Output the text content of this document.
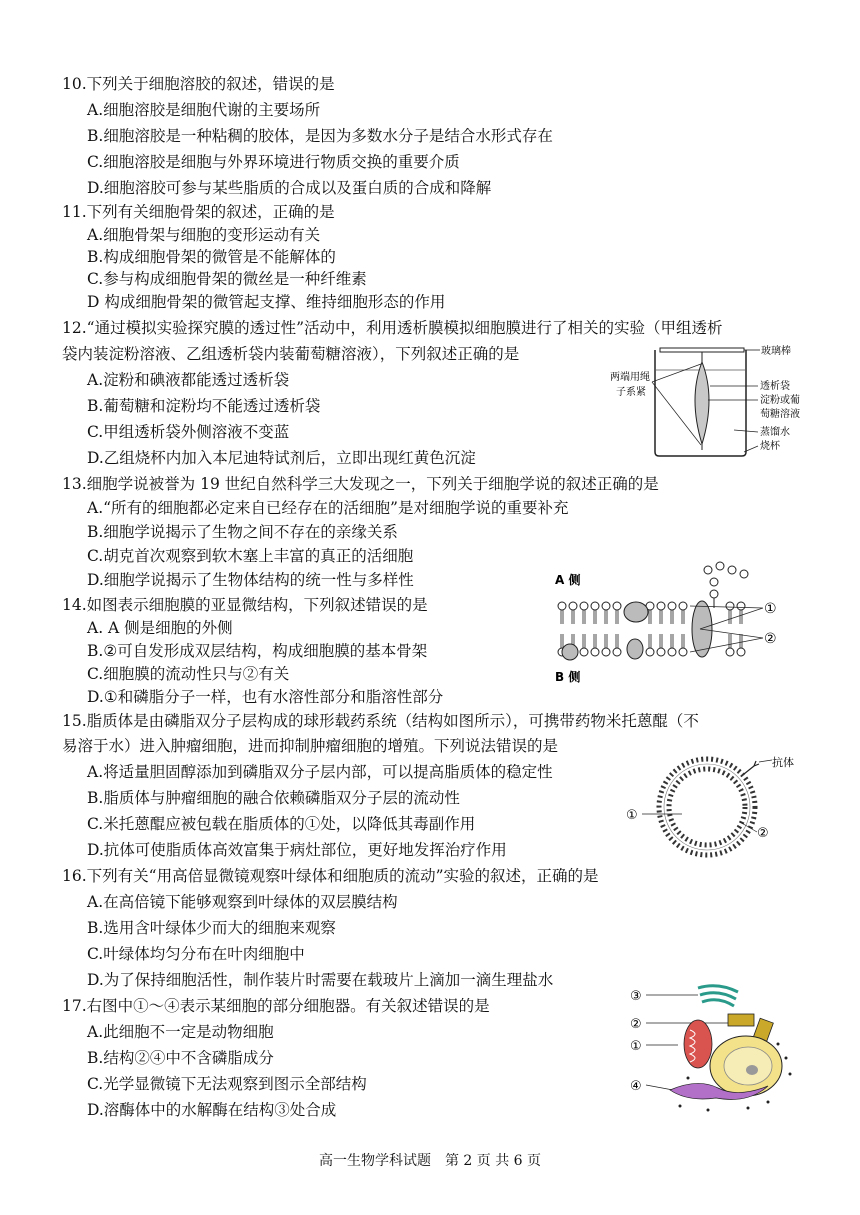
10.下列关于细胞溶胶的叙述，错误的是
A.细胞溶胶是细胞代谢的主要场所
B.细胞溶胶是一种粘稠的胶体，是因为多数水分子是结合水形式存在
C.细胞溶胶是细胞与外界环境进行物质交换的重要介质
D.细胞溶胶可参与某些脂质的合成以及蛋白质的合成和降解
11.下列有关细胞骨架的叙述，正确的是
A.细胞骨架与细胞的变形运动有关
B.构成细胞骨架的微管是不能解体的
C.参与构成细胞骨架的微丝是一种纤维素
D 构成细胞骨架的微管起支撑、维持细胞形态的作用
12.“通过模拟实验探究膜的透过性”活动中，利用透析膜模拟细胞膜进行了相关的实验（甲组透析
袋内装淀粉溶液、乙组透析袋内装葡萄糖溶液），下列叙述正确的是
A.淀粉和碘液都能透过透析袋
B.葡萄糖和淀粉均不能透过透析袋
C.甲组透析袋外侧溶液不变蓝
D.乙组烧杯内加入本尼迪特试剂后，立即出现红黄色沉淀
玻璃棒
两端用绳
子系紧
透析袋
淀粉或葡
萄糖溶液
蒸馏水
烧杯
13.细胞学说被誉为 19 世纪自然科学三大发现之一，下列关于细胞学说的叙述正确的是
A.“所有的细胞都必定来自已经存在的活细胞”是对细胞学说的重要补充
B.细胞学说揭示了生物之间不存在的亲缘关系
C.胡克首次观察到软木塞上丰富的真正的活细胞
D.细胞学说揭示了生物体结构的统一性与多样性
14.如图表示细胞膜的亚显微结构，下列叙述错误的是
A. A 侧是细胞的外侧
B.②可自发形成双层结构，构成细胞膜的基本骨架
C.细胞膜的流动性只与②有关
D.①和磷脂分子一样，也有水溶性部分和脂溶性部分
A 侧
B 侧
①
②
15.脂质体是由磷脂双分子层构成的球形载药系统（结构如图所示），可携带药物米托蒽醌（不
易溶于水）进入肿瘤细胞，进而抑制肿瘤细胞的增殖。下列说法错误的是
A.将适量胆固醇添加到磷脂双分子层内部，可以提高脂质体的稳定性
B.脂质体与肿瘤细胞的融合依赖磷脂双分子层的流动性
C.米托蒽醌应被包载在脂质体的①处，以降低其毒副作用
D.抗体可使脂质体高效富集于病灶部位，更好地发挥治疗作用
抗体
①
②
16.下列有关“用高倍显微镜观察叶绿体和细胞质的流动”实验的叙述，正确的是
A.在高倍镜下能够观察到叶绿体的双层膜结构
B.选用含叶绿体少而大的细胞来观察
C.叶绿体均匀分布在叶肉细胞中
D.为了保持细胞活性，制作装片时需要在载玻片上滴加一滴生理盐水
17.右图中①～④表示某细胞的部分细胞器。有关叙述错误的是
A.此细胞不一定是动物细胞
B.结构②④中不含磷脂成分
C.光学显微镜下无法观察到图示全部结构
D.溶酶体中的水解酶在结构③处合成
③
②
①
④
高一生物学科试题　第 2 页 共 6 页
